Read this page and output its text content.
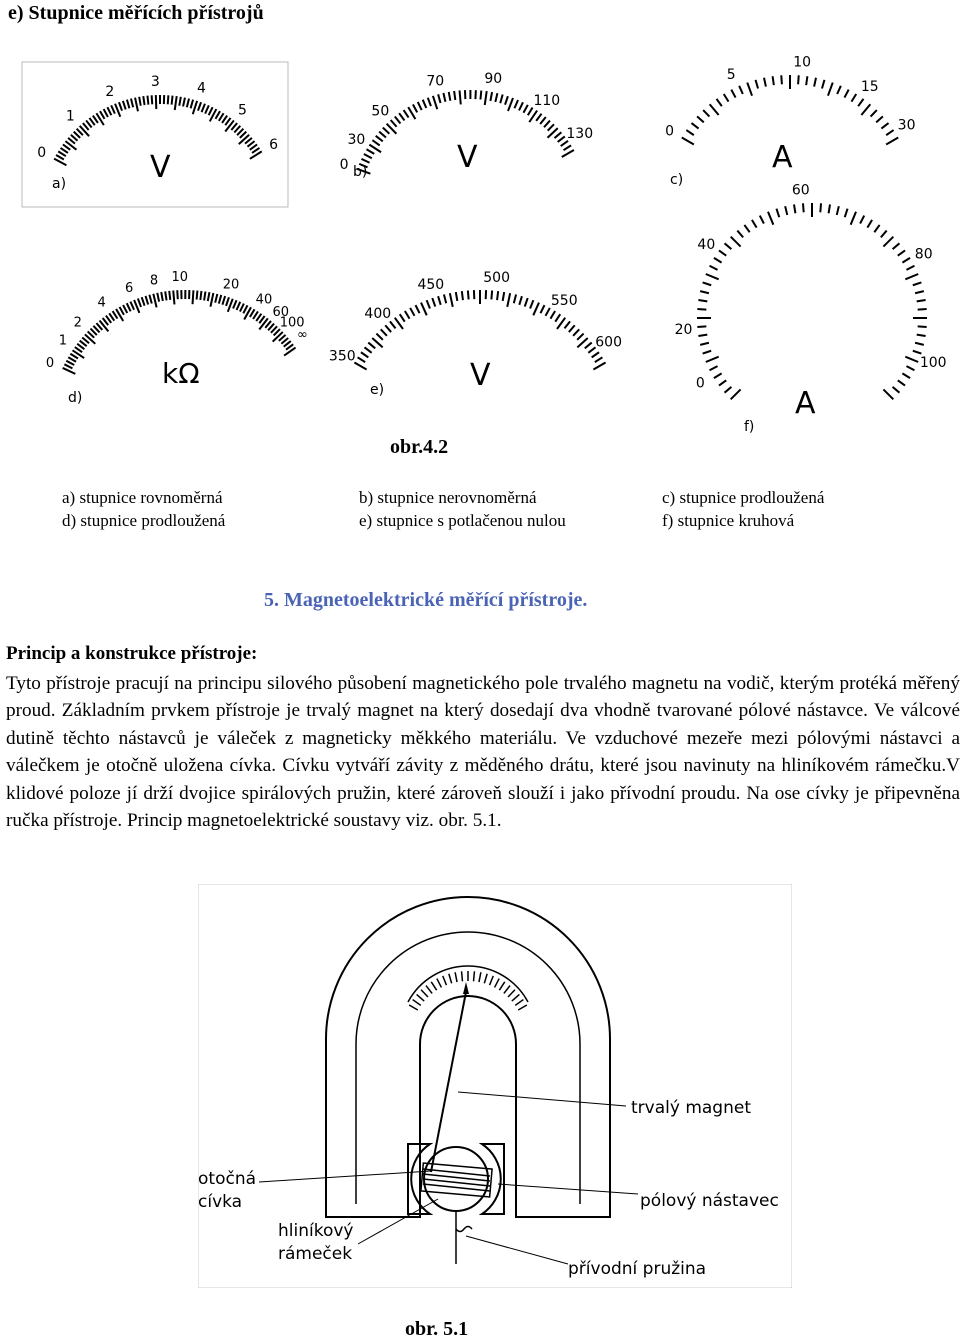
e) Stupnice měřících přístrojů
V
a)
V
b)	A
c)
kΩ
d)
V
e)	A
f)
0
1
2
3	4
5
6
0
30
50
70	90
110
130	0
5
10
15
30
0
1
2
4
6
8 10	20
40
60
100
∞
350
400
450	500
550
600
0
20
40
60
80
100
obr.4.2
a) stupnice rovnoměrná	b) stupnice nerovnoměrná	c) stupnice prodloužená
d) stupnice prodloužená	e) stupnice s potlačenou nulou	f) stupnice kruhová
5. Magnetoelektrické měřící přístroje.
Princip a konstrukce přístroje:
Tyto přístroje pracují na principu silového působení magnetického pole trvalého magnetu na vodič, kterým protéká měřený proud. Základním prvkem přístroje je trvalý magnet na který dosedají dva vhodně tvarované pólové nástavce. Ve válcové dutině těchto nástavců je váleček z magneticky měkkého materiálu. Ve vzduchové mezeře mezi pólovými nástavci a válečkem je otočně uložena cívka. Cívku vytváří závity z měděného drátu, které jsou navinuty na hliníkovém rámečku.V klidové poloze jí drží dvojice spirálových pružin, které zároveň slouží i jako přívodní proudu. Na ose cívky je připevněna ručka přístroje. Princip magnetoelektrické soustavy viz. obr. 5.1.
trvalý magnet
otočná cívka	pólový nástavec
hliníkový rámeček
přívodní pružina
obr. 5.1
